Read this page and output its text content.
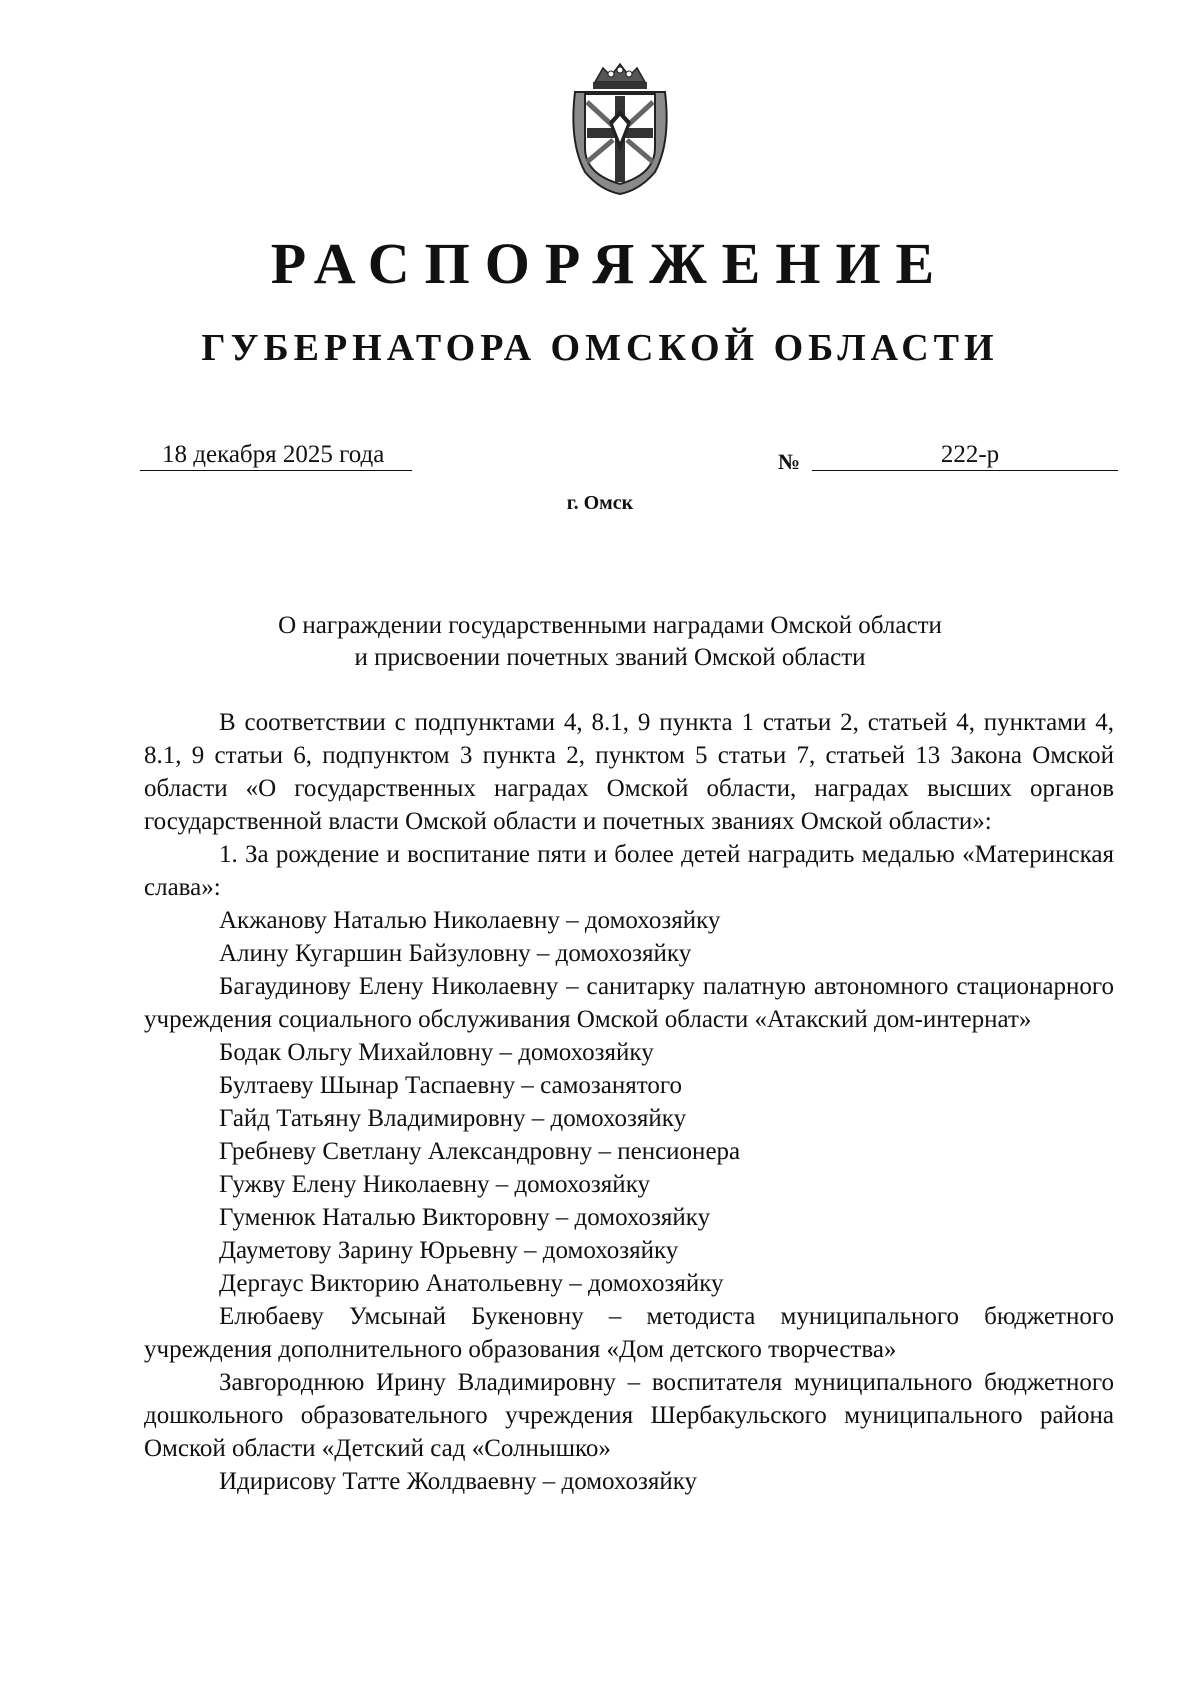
РАСПОРЯЖЕНИЕ
ГУБЕРНАТОРА ОМСКОЙ ОБЛАСТИ
18 декабря 2025 года	№	222-р
г. Омск
О награждении государственными наградами Омской области
и присвоении почетных званий Омской области

В соответствии с подпунктами 4, 8.1, 9 пункта 1 статьи 2, статьей 4, пунктами 4, 8.1, 9 статьи 6, подпунктом 3 пункта 2, пунктом 5 статьи 7, статьей 13 Закона Омской области «О государственных наградах Омской области, наградах высших органов государственной власти Омской области и почетных званиях Омской области»:

1. За рождение и воспитание пяти и более детей наградить медалью «Материнская слава»:

Акжанову Наталью Николаевну – домохозяйку

Алину Кугаршин Байзуловну – домохозяйку

Багаудинову Елену Николаевну – санитарку палатную автономного стационарного учреждения социального обслуживания Омской области «Атакский дом-интернат»

Бодак Ольгу Михайловну – домохозяйку

Бултаеву Шынар Таспаевну – самозанятого

Гайд Татьяну Владимировну – домохозяйку

Гребневу Светлану Александровну – пенсионера

Гужву Елену Николаевну – домохозяйку

Гуменюк Наталью Викторовну – домохозяйку

Дауметову Зарину Юрьевну – домохозяйку

Дергаус Викторию Анатольевну – домохозяйку

Елюбаеву Умсынай Букеновну – методиста муниципального бюджетного учреждения дополнительного образования «Дом детского творчества»

Завгороднюю Ирину Владимировну – воспитателя муниципального бюджетного дошкольного образовательного учреждения Шербакульского муниципального района Омской области «Детский сад «Солнышко»

Идирисову Татте Жолдваевну – домохозяйку
